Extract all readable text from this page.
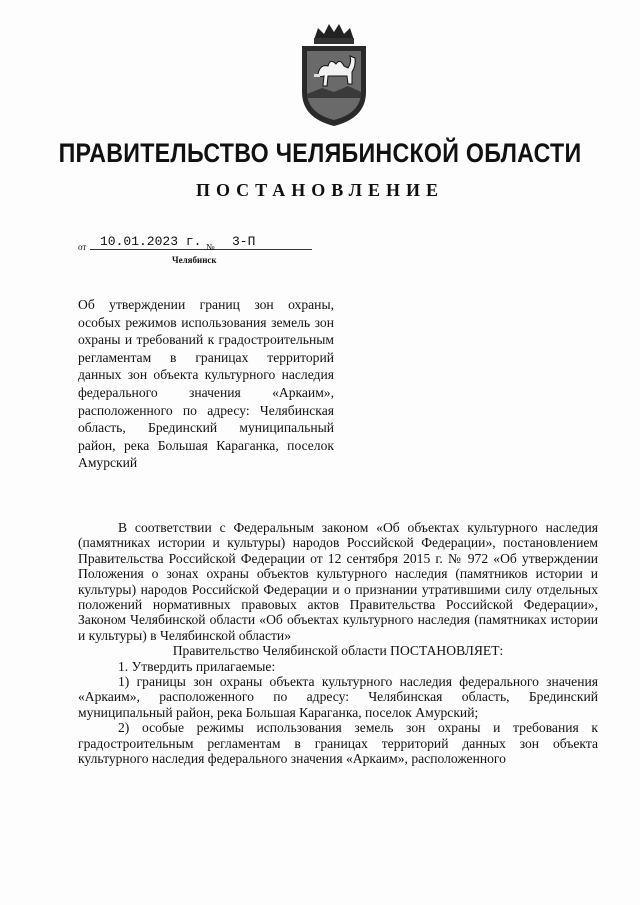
ПРАВИТЕЛЬСТВО ЧЕЛЯБИНСКОЙ ОБЛАСТИ
ПОСТАНОВЛЕНИЕ
от	10.01.2023 г. №	3-П
Челябинск
Об утверждении границ зон охраны, особых режимов использования земель зон охраны и требований к градостроительным регламентам в границах территорий данных зон объекта культурного наследия федерального значения «Аркаим», расположенного по адресу: Челябинская область, Брединский муниципальный район, река Большая Караганка, поселок Амурский

В соответствии с Федеральным законом «Об объектах культурного наследия (памятниках истории и культуры) народов Российской Федерации», постановлением Правительства Российской Федерации от 12 сентября 2015 г. № 972 «Об утверждении Положения о зонах охраны объектов культурного наследия (памятников истории и культуры) народов Российской Федерации и о признании утратившими силу отдельных положений нормативных правовых актов Правительства Российской Федерации», Законом Челябинской области «Об объектах культурного наследия (памятниках истории и культуры) в Челябинской области»

Правительство Челябинской области ПОСТАНОВЛЯЕТ:

1. Утвердить прилагаемые:

1) границы зон охраны объекта культурного наследия федерального значения «Аркаим», расположенного по адресу: Челябинская область, Брединский муниципальный район, река Большая Караганка, поселок Амурский;

2) особые режимы использования земель зон охраны и требования к градостроительным регламентам в границах территорий данных зон объекта культурного наследия федерального значения «Аркаим», расположенного
